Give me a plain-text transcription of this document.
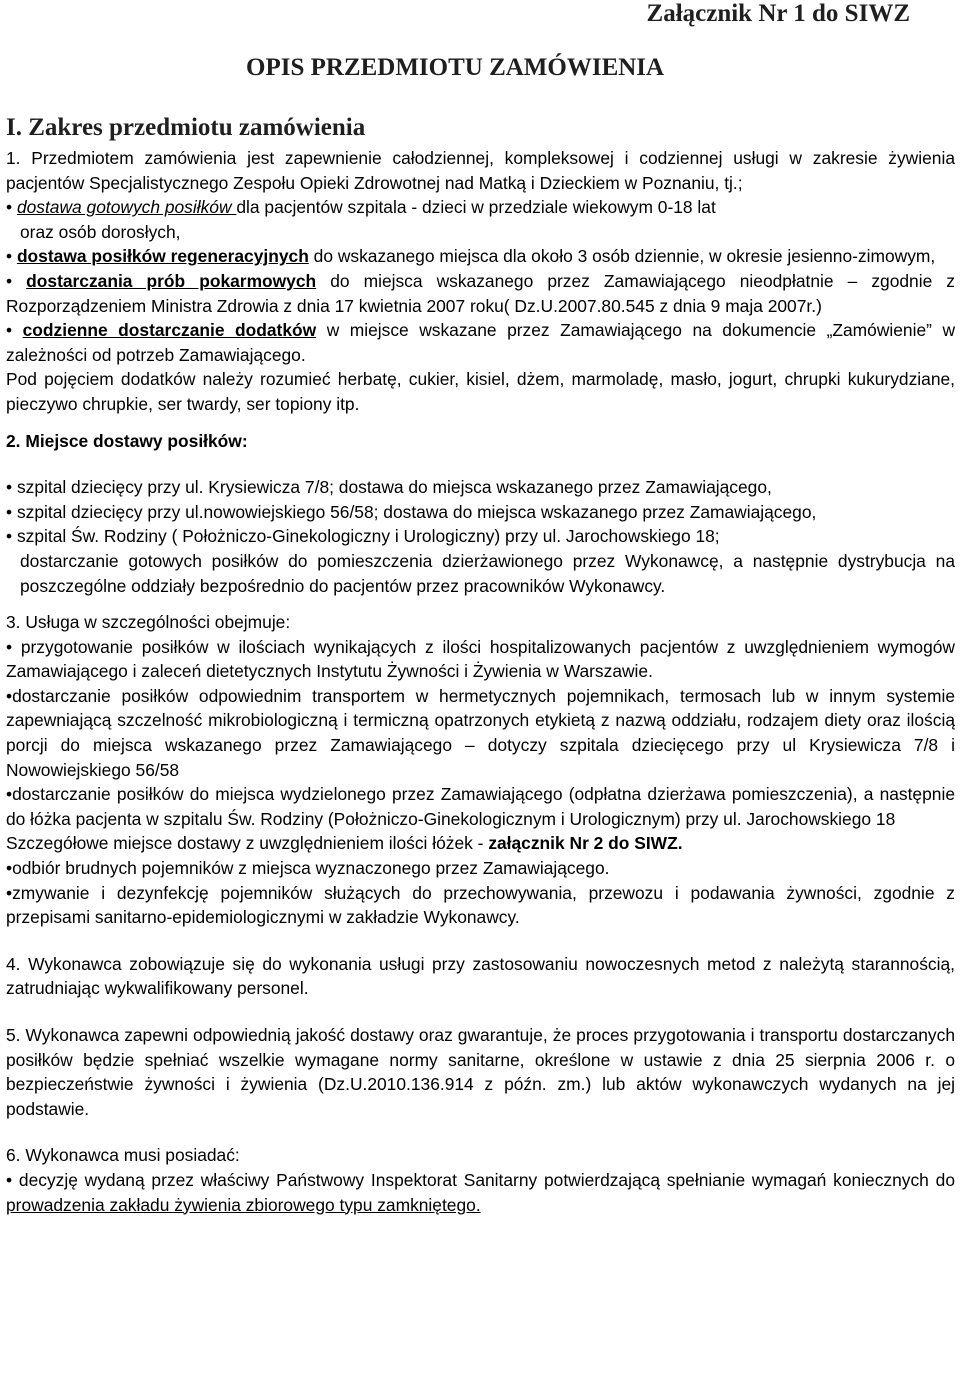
Załącznik Nr 1 do SIWZ
OPIS PRZEDMIOTU ZAMÓWIENIA
I. Zakres przedmiotu zamówienia

1. Przedmiotem zamówienia jest zapewnienie całodziennej, kompleksowej i codziennej usługi w zakresie żywienia pacjentów Specjalistycznego Zespołu Opieki Zdrowotnej nad Matką i Dzieckiem w Poznaniu, tj.;

• dostawa gotowych posiłków dla pacjentów szpitala - dzieci w przedziale wiekowym 0-18 lat

oraz osób dorosłych,

• dostawa posiłków regeneracyjnych do wskazanego miejsca dla około 3 osób dziennie, w okresie jesienno-zimowym,

• dostarczania prób pokarmowych do miejsca wskazanego przez Zamawiającego nieodpłatnie – zgodnie z Rozporządzeniem Ministra Zdrowia z dnia 17 kwietnia 2007 roku( Dz.U.2007.80.545 z dnia 9 maja 2007r.)

• codzienne dostarczanie dodatków w miejsce wskazane przez Zamawiającego na dokumencie „Zamówienie” w zależności od potrzeb Zamawiającego.

Pod pojęciem dodatków należy rozumieć herbatę, cukier, kisiel, dżem, marmoladę, masło, jogurt, chrupki kukurydziane, pieczywo chrupkie, ser twardy, ser topiony itp.

2. Miejsce dostawy posiłków:

• szpital dziecięcy przy ul. Krysiewicza 7/8; dostawa do miejsca wskazanego przez Zamawiającego,

• szpital dziecięcy przy ul.nowowiejskiego 56/58; dostawa do miejsca wskazanego przez Zamawiającego,

• szpital Św. Rodziny ( Położniczo-Ginekologiczny i Urologiczny) przy ul. Jarochowskiego 18;

dostarczanie gotowych posiłków do pomieszczenia dzierżawionego przez Wykonawcę, a następnie dystrybucja na poszczególne oddziały bezpośrednio do pacjentów przez pracowników Wykonawcy.

3. Usługa w szczególności obejmuje:

• przygotowanie posiłków w ilościach wynikających z ilości hospitalizowanych pacjentów z uwzględnieniem wymogów Zamawiającego i zaleceń dietetycznych Instytutu Żywności i Żywienia w Warszawie.

•dostarczanie posiłków odpowiednim transportem w hermetycznych pojemnikach, termosach lub w innym systemie zapewniającą szczelność mikrobiologiczną i termiczną opatrzonych etykietą z nazwą oddziału, rodzajem diety oraz ilością porcji do miejsca wskazanego przez Zamawiającego – dotyczy szpitala dziecięcego przy ul Krysiewicza 7/8 i Nowowiejskiego 56/58

•dostarczanie posiłków do miejsca wydzielonego przez Zamawiającego (odpłatna dzierżawa pomieszczenia), a następnie do łóżka pacjenta w szpitalu Św. Rodziny (Położniczo-Ginekologicznym i Urologicznym) przy ul. Jarochowskiego 18

Szczegółowe miejsce dostawy z uwzględnieniem ilości łóżek - załącznik Nr 2 do SIWZ.

•odbiór brudnych pojemników z miejsca wyznaczonego przez Zamawiającego.

•zmywanie i dezynfekcję pojemników służących do przechowywania, przewozu i podawania żywności, zgodnie z przepisami sanitarno-epidemiologicznymi w zakładzie Wykonawcy.

4. Wykonawca zobowiązuje się do wykonania usługi przy zastosowaniu nowoczesnych metod z należytą starannością, zatrudniając wykwalifikowany personel.

5. Wykonawca zapewni odpowiednią jakość dostawy oraz gwarantuje, że proces przygotowania i transportu dostarczanych posiłków będzie spełniać wszelkie wymagane normy sanitarne, określone w ustawie z dnia 25 sierpnia 2006 r. o bezpieczeństwie żywności i żywienia (Dz.U.2010.136.914 z późn. zm.) lub aktów wykonawczych wydanych na jej podstawie.

6. Wykonawca musi posiadać:

• decyzję wydaną przez właściwy Państwowy Inspektorat Sanitarny potwierdzającą spełnianie wymagań koniecznych do prowadzenia zakładu żywienia zbiorowego typu zamkniętego.
